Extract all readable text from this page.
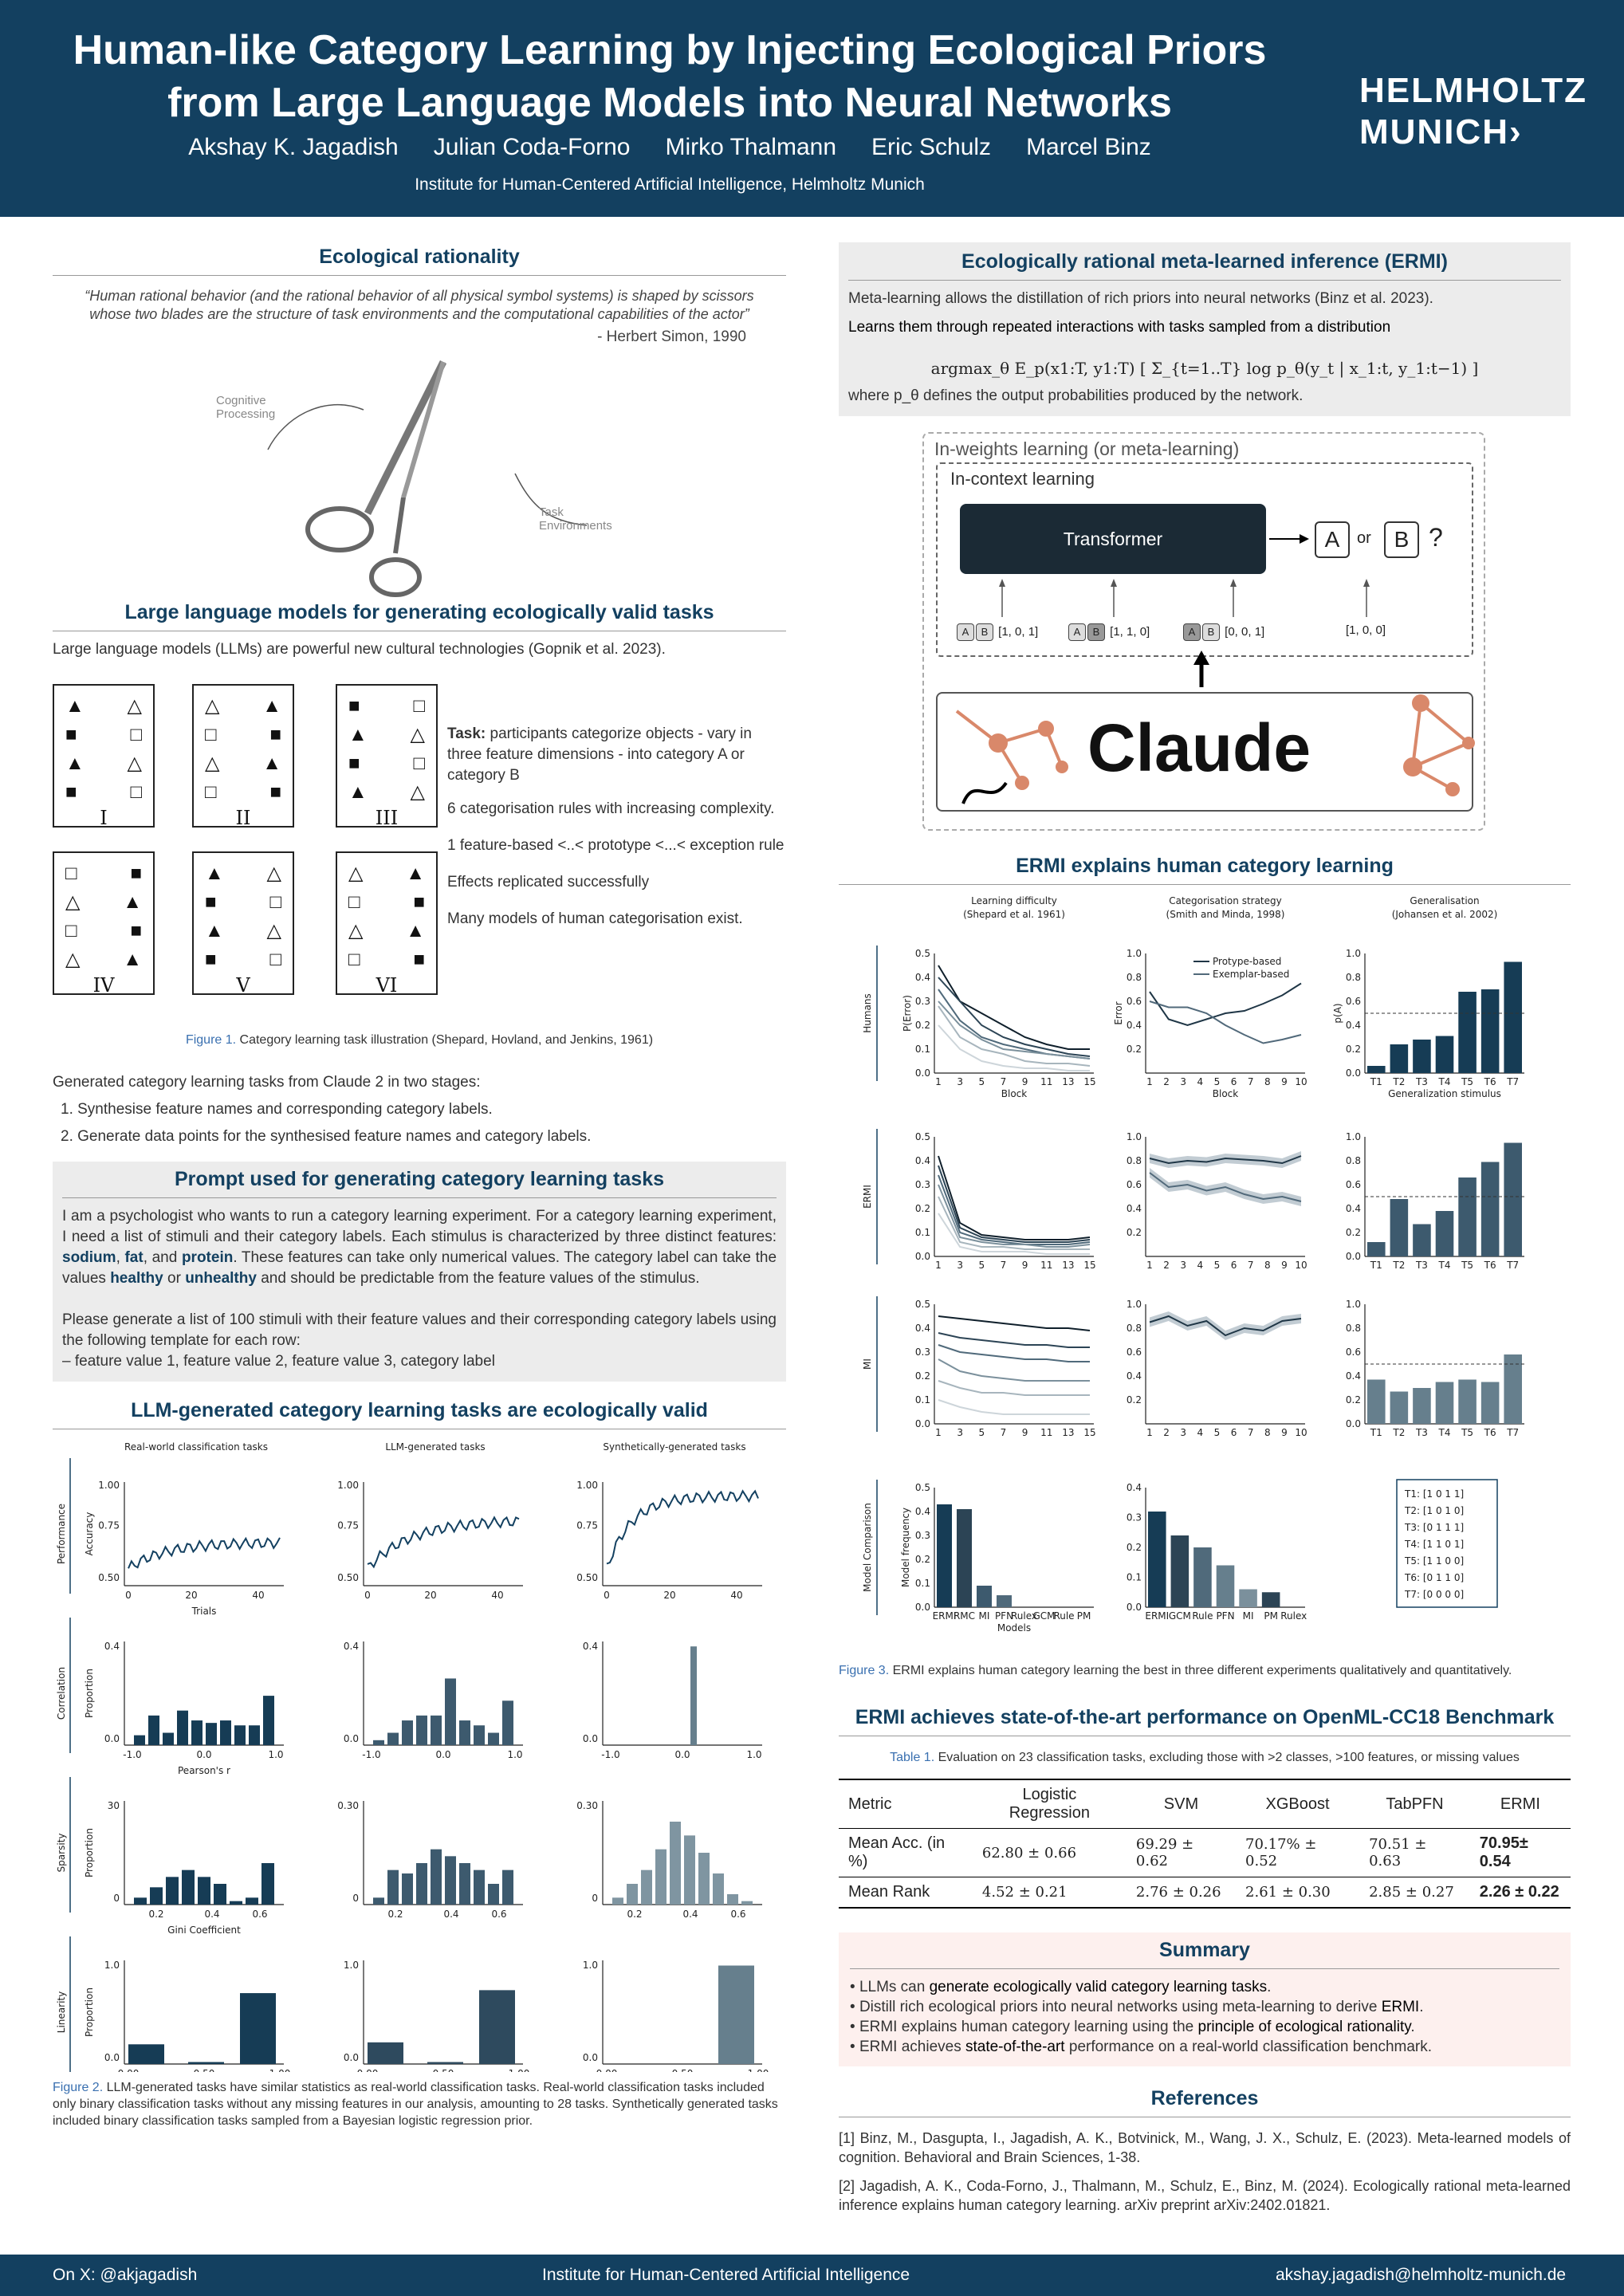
Human-like Category Learning by Injecting Ecological Priors
from Large Language Models into Neural Networks
Akshay K. Jagadish Julian Coda-Forno Mirko Thalmann Eric Schulz Marcel Binz
Institute for Human-Centered Artificial Intelligence, Helmholtz Munich
HELMHOLTZ
MUNICH›
Ecological rationality
“Human rational behavior (and the rational behavior of all physical symbol systems) is shaped by scissors whose two blades are the structure of task environments and the computational capabilities of the actor”
- Herbert Simon, 1990
Cognitive Processing
Task Environments
Large language models for generating ecologically valid tasks
Large language models (LLMs) are powerful new cultural technologies (Gopnik et al. 2023).
▲ △
■	□
▲ △
■	□
I
△ ▲
□	■
△ ▲
□	■
II
■	□
▲ △
■	□
▲ △
III
□	■
△ ▲
□	■
△ ▲
IV
▲ △
■	□
▲ △
■	□
V
△ ▲
□	■
△ ▲
□	■
VI
Task: participants categorize objects - vary in three feature dimensions - into category A or category B
6 categorisation rules with increasing complexity.
1 feature-based <..< prototype <...< exception rule
Effects replicated successfully
Many models of human categorisation exist.
Figure 1. Category learning task illustration (Shepard, Hovland, and Jenkins, 1961)
Generated category learning tasks from Claude 2 in two stages:
1. Synthesise feature names and corresponding category labels.
2. Generate data points for the synthesised feature names and category labels.
Prompt used for generating category learning tasks
I am a psychologist who wants to run a category learning experiment. For a category learning experiment, I need a list of stimuli and their category labels. Each stimulus is characterized by three distinct features: sodium, fat, and protein. These features can take only numerical values. The category label can take the values healthy or unhealthy and should be predictable from the feature values of the stimulus.
Please generate a list of 100 stimuli with their feature values and their corresponding category labels using the following template for each row:
– feature value 1, feature value 2, feature value 3, category label
LLM-generated category learning tasks are ecologically valid
Real-world classification tasks	LLM-generated tasks	Synthetically-generated tasks
Performance Accuracy
Trials
0.50
0.75
1.00
0	20	40
0.50
0.75
1.00
0	20	40
0.50
0.75
1.00
0	20	40
Correlation Proportion
Pearson's r
0.4
0.0
-1.0	0.0	1.0
0.4
0.0
-1.0	0.0	1.0
0.4
0.0
-1.0	0.0	1.0
Sparsity Proportion
Gini Coefficient
30
0
0.2	0.4	0.6
0.30
0
0.2	0.4	0.6
0.30
0
0.2	0.4	0.6
Linearity Proportion
1.0
0.0
1.0
0.0
1.0
0.0
Figure 2. LLM-generated tasks have similar statistics as real-world classification tasks. Real-world classification tasks included only binary classification tasks without any missing features in our analysis, amounting to 28 tasks. Synthetically generated tasks included binary classification tasks sampled from a Bayesian logistic regression prior.
Ecologically rational meta-learned inference (ERMI)
Meta-learning allows the distillation of rich priors into neural networks (Binz et al. 2023).
Learns them through repeated interactions with tasks sampled from a distribution
argmax_θ E_p(x1:T, y1:T) [ Σ_{t=1..T} log p_θ(y_t | x_1:t, y_1:t−1) ]
where p_θ defines the output probabilities produced by the network.
In-weights learning (or meta-learning)
In-context learning
Transformer	A	or	B ?
A B [1, 0, 1]	A B [1, 1, 0]	A B [0, 0, 1]	[1, 0, 0]
Claude
ERMI explains human category learning
Learning difficulty
(Shepard et al. 1961)
Categorisation strategy
(Smith and Minda, 1998)
Generalisation
(Johansen et al. 2002)
Humans
ERMI
MI
Model Comparison
0.0
0.1
0.2
0.3
0.4
0.5
1 3 5 7 9 11 13 15
Block
P(Error)
0.2
0.4
0.6
0.8
1.0
1 2 3 4 5 6 7 8 9 10
Block
Error
Protype-based
Exemplar-based
0.0
0.2
0.4
0.6
0.8
1.0
T1 T2 T3 T4 T5 T6 T7
Generalization stimulus
p(A)
0.0
0.1
0.2
0.3
0.4
0.5
1 3 5 7 9 11 13 15
0.2
0.4
0.6
0.8
1.0
1 2 3 4 5 6 7 8 9 10
0.0
0.2
0.4
0.6
0.8
1.0
T1 T2 T3 T4 T5 T6 T7
0.0
0.1
0.2
0.3
0.4
0.5
1 3 5 7 9 11 13 15
0.2
0.4
0.6
0.8
1.0
1 2 3 4 5 6 7 8 9 10
0.0
0.2
0.4
0.6
0.8
1.0
T1 T2 T3 T4 T5 T6 T7
0.0
0.1
0.2
0.3
0.4
0.5
ERMI
RMC MI PFN
Rulex
GCM
Rule PM
Models
Model frequency
0.0
0.1
0.2
0.3
0.4
ERMI GCM Rule PFN MI PM Rulex
T1: [1 0 1 1]
T2: [1 0 1 0]
T3: [0 1 1 1]
T4: [1 1 0 1]
T5: [1 1 0 0]
T6: [0 1 1 0]
T7: [0 0 0 0]
Figure 3. ERMI explains human category learning the best in three different experiments qualitatively and quantitatively.
ERMI achieves state-of-the-art performance on OpenML-CC18 Benchmark
Table 1. Evaluation on 23 classification tasks, excluding those with >2 classes, >100 features, or missing values
Metric	Logistic Regression	SVM	XGBoost	TabPFN	ERMI
Mean Acc. (in %)	62.80 ± 0.66	69.29 ± 0.62	70.17% ± 0.52	70.51 ± 0.63	70.95± 0.54
Mean Rank	4.52 ± 0.21	2.76 ± 0.26	2.61 ± 0.30	2.85 ± 0.27	2.26 ± 0.22
Summary
• LLMs can generate ecologically valid category learning tasks.
• Distill rich ecological priors into neural networks using meta-learning to derive ERMI.
• ERMI explains human category learning using the principle of ecological rationality.
• ERMI achieves state-of-the-art performance on a real-world classification benchmark.
References
[1] Binz, M., Dasgupta, I., Jagadish, A. K., Botvinick, M., Wang, J. X., Schulz, E. (2023). Meta-learned models of cognition. Behavioral and Brain Sciences, 1-38.
[2] Jagadish, A. K., Coda-Forno, J., Thalmann, M., Schulz, E., Binz, M. (2024). Ecologically rational meta-learned inference explains human category learning. arXiv preprint arXiv:2402.01821.
On X: @akjagadish	Institute for Human-Centered Artificial Intelligence	akshay.jagadish@helmholtz-munich.de
